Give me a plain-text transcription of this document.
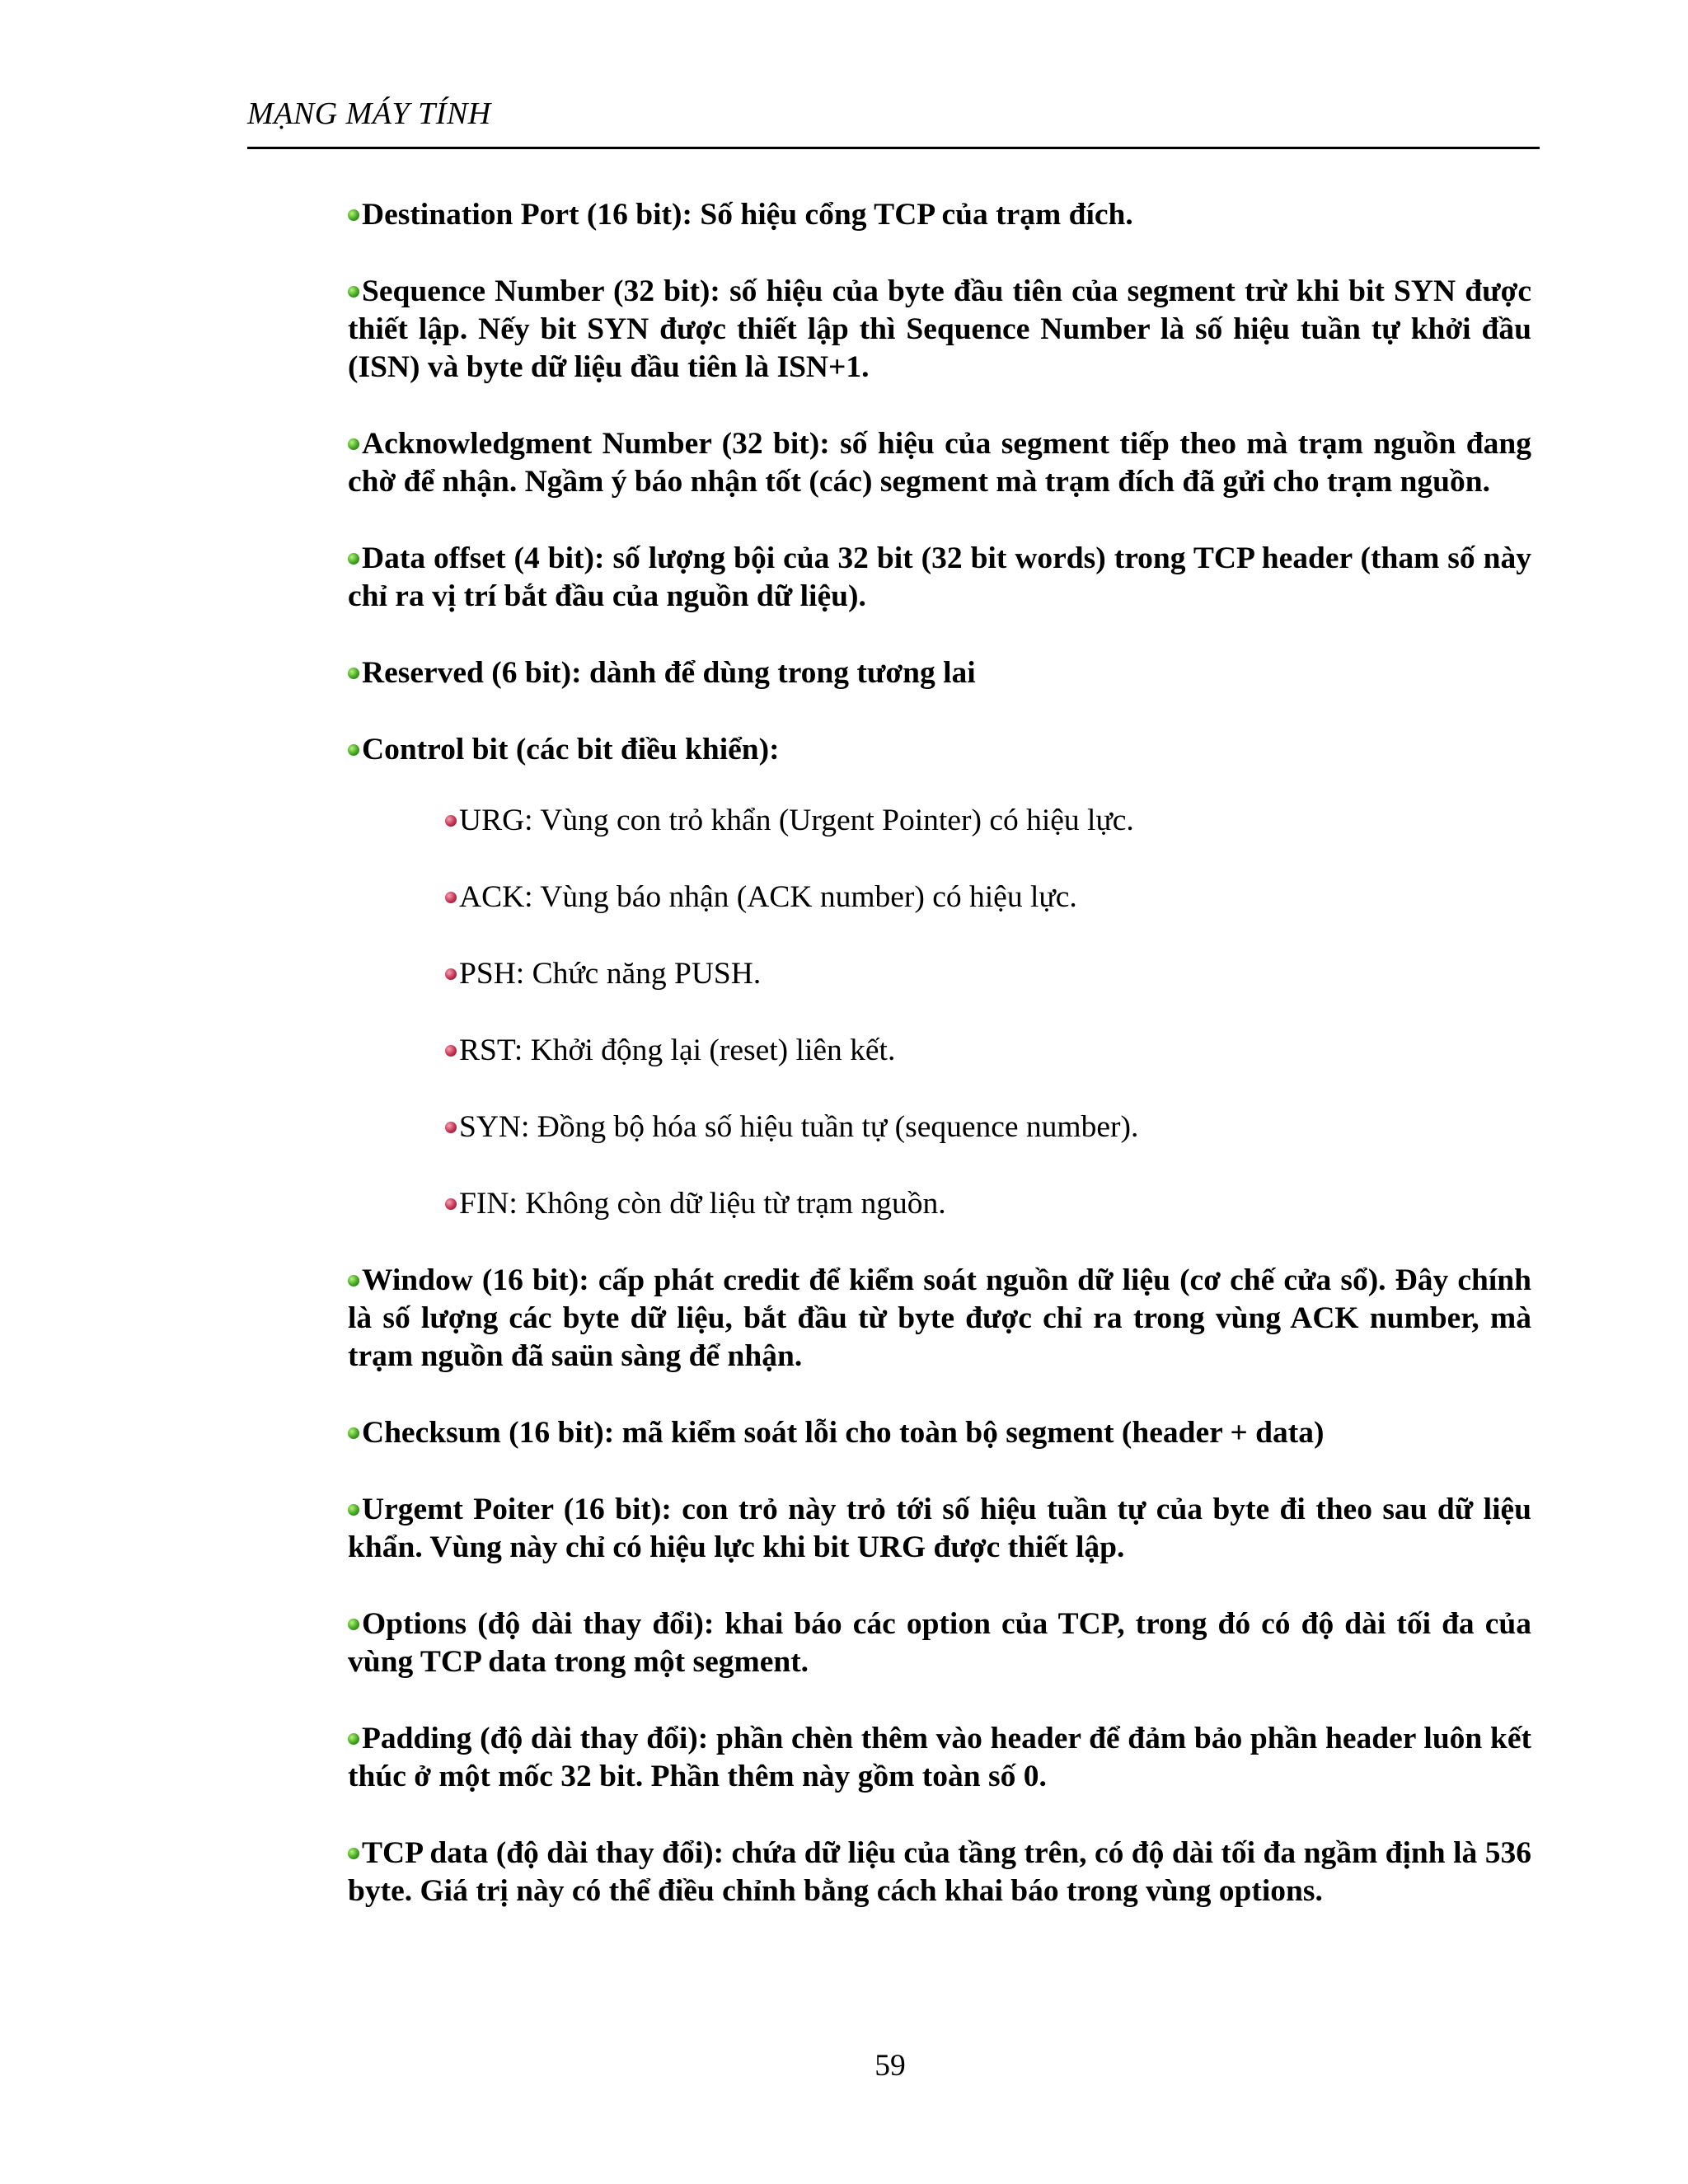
MẠNG MÁY TÍNH

Destination Port (16 bit): Số hiệu cổng TCP của trạm đích.

Sequence Number (32 bit): số hiệu của byte đầu tiên của segment trừ khi bit SYN được thiết lập. Nếy bit SYN được thiết lập thì Sequence Number là số hiệu tuần tự khởi đầu (ISN) và byte dữ liệu đầu tiên là ISN+1.

Acknowledgment Number (32 bit): số hiệu của segment tiếp theo mà trạm nguồn đang chờ để nhận. Ngầm ý báo nhận tốt (các) segment mà trạm đích đã gửi cho trạm nguồn.

Data offset (4 bit): số lượng bội của 32 bit (32 bit words) trong TCP header (tham số này chỉ ra vị trí bắt đầu của nguồn dữ liệu).

Reserved (6 bit): dành để dùng trong tương lai

Control bit (các bit điều khiển):

URG: Vùng con trỏ khẩn (Urgent Pointer) có hiệu lực.
ACK: Vùng báo nhận (ACK number) có hiệu lực.
PSH: Chức năng PUSH.
RST: Khởi động lại (reset) liên kết.
SYN: Đồng bộ hóa số hiệu tuần tự (sequence number).
FIN: Không còn dữ liệu từ trạm nguồn.

Window (16 bit): cấp phát credit để kiểm soát nguồn dữ liệu (cơ chế cửa sổ). Đây chính là số lượng các byte dữ liệu, bắt đầu từ byte được chỉ ra trong vùng ACK number, mà trạm nguồn đã saün sàng để nhận.

Checksum (16 bit): mã kiểm soát lỗi cho toàn bộ segment (header + data)

Urgemt Poiter (16 bit): con trỏ này trỏ tới số hiệu tuần tự của byte đi theo sau dữ liệu khẩn. Vùng này chỉ có hiệu lực khi bit URG được thiết lập.

Options (độ dài thay đổi): khai báo các option của TCP, trong đó có độ dài tối đa của vùng TCP data trong một segment.

Padding (độ dài thay đổi): phần chèn thêm vào header để đảm bảo phần header luôn kết thúc ở một mốc 32 bit. Phần thêm này gồm toàn số 0.

TCP data (độ dài thay đổi): chứa dữ liệu của tầng trên, có độ dài tối đa ngầm định là 536 byte. Giá trị này có thể điều chỉnh bằng cách khai báo trong vùng options.

59
